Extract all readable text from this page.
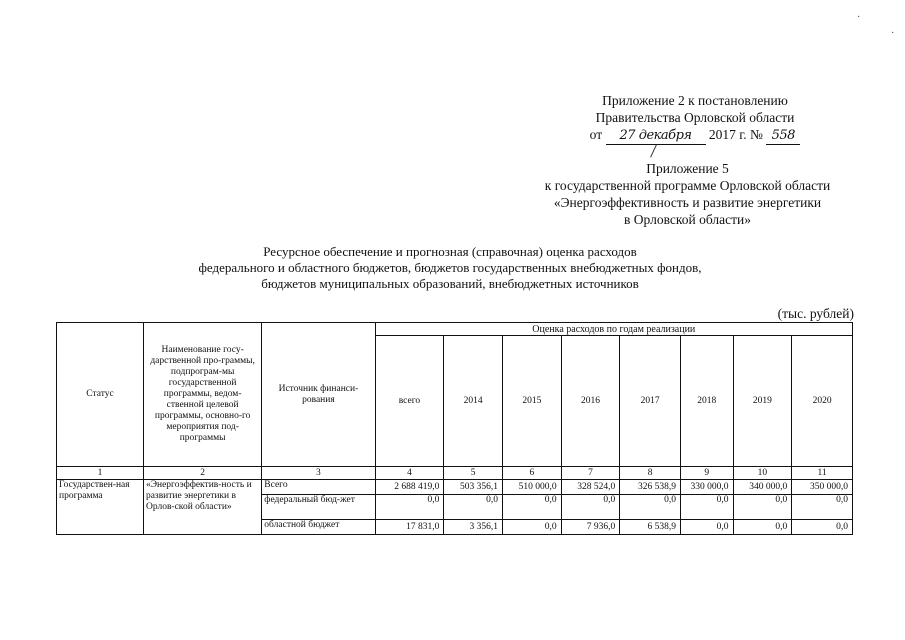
·
·
Приложение 2 к постановлению
Правительства Орловской области
от 27 декабря 2017 г. № 558
Приложение 5
к государственной программе Орловской области
«Энергоэффективность и развитие энергетики
в Орловской области»
Ресурсное обеспечение и прогнозная (справочная) оценка расходов
федерального и областного бюджетов, бюджетов государственных внебюджетных фондов,
бюджетов муниципальных образований, внебюджетных источников
(тыс. рублей)
Статус	Наименование госу-дарственной про-граммы, подпрограм-мы государственной программы, ведом-ственной целевой программы, основно-го мероприятия под-программы	Источник финанси-рования	Оценка расходов по годам реализации							
			всего	2014	2015	2016	2017	2018	2019	2020
1	2	3	4	5	6	7	8	9	10	11
Государствен-ная программа	«Энергоэффектив-ность и развитие энергетики в Орлов-ской области»	Всего	2 688 419,0	503 356,1	510 000,0	328 524,0	326 538,9	330 000,0	340 000,0	350 000,0
		федеральный бюд-жет	0,0	0,0	0,0	0,0	0,0	0,0	0,0	0,0
		областной бюджет	17 831,0	3 356,1	0,0	7 936,0	6 538,9	0,0	0,0	0,0
